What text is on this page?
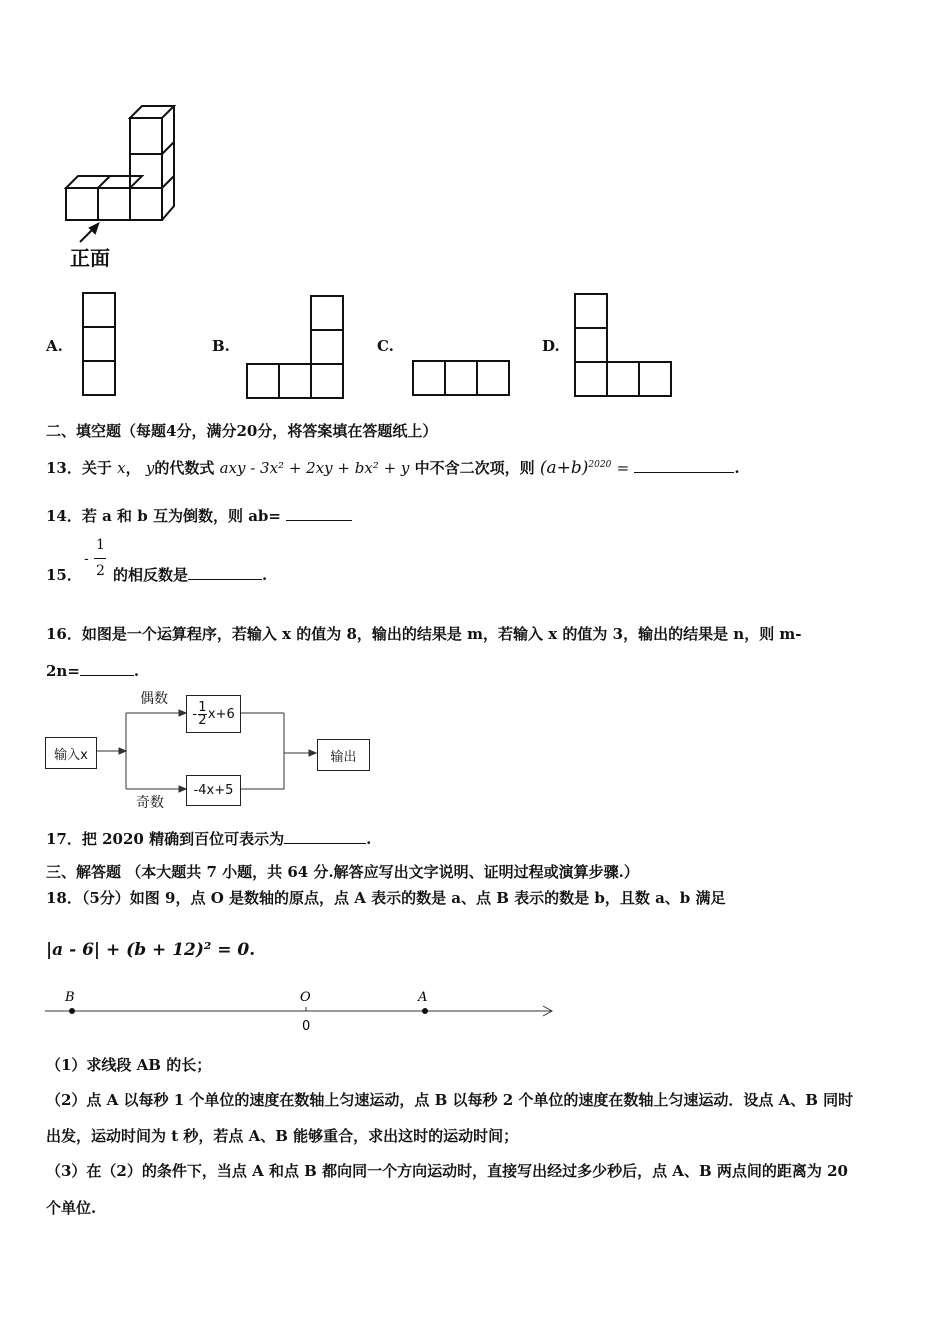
正面
A.	B.	C.	D.
二、填空题（每题4分，满分20分，将答案填在答题纸上）
13．关于 x， y的代数式 axy - 3x² + 2xy + bx² + y 中不含二次项，则 $(a+b)^{2020}$ =	.
14．若 a 和 b 互为倒数，则 ab=
15．
-
1
2 的相反数是	.
16．如图是一个运算程序，若输入 x 的值为 8，输出的结果是 m，若输入 x 的值为 3，输出的结果是 n，则 m-
2n=	.
输入x
偶数
- 1
2 x+6
-4x+5
奇数
输出
17．把 2020 精确到百位可表示为	.
三、解答题 （本大题共 7 小题，共 64 分.解答应写出文字说明、证明过程或演算步骤.）
18．（5分）如图 9，点 O 是数轴的原点，点 A 表示的数是 a、点 B 表示的数是 b，且数 a、b 满足
|a - 6| + (b + 12)² = 0.
B	O	A
0
（1）求线段 AB 的长；
（2）点 A 以每秒 1 个单位的速度在数轴上匀速运动，点 B 以每秒 2 个单位的速度在数轴上匀速运动．设点 A、B 同时
出发，运动时间为 t 秒，若点 A、B 能够重合，求出这时的运动时间；
（3）在（2）的条件下，当点 A 和点 B 都向同一个方向运动时，直接写出经过多少秒后，点 A、B 两点间的距离为 20
个单位.
